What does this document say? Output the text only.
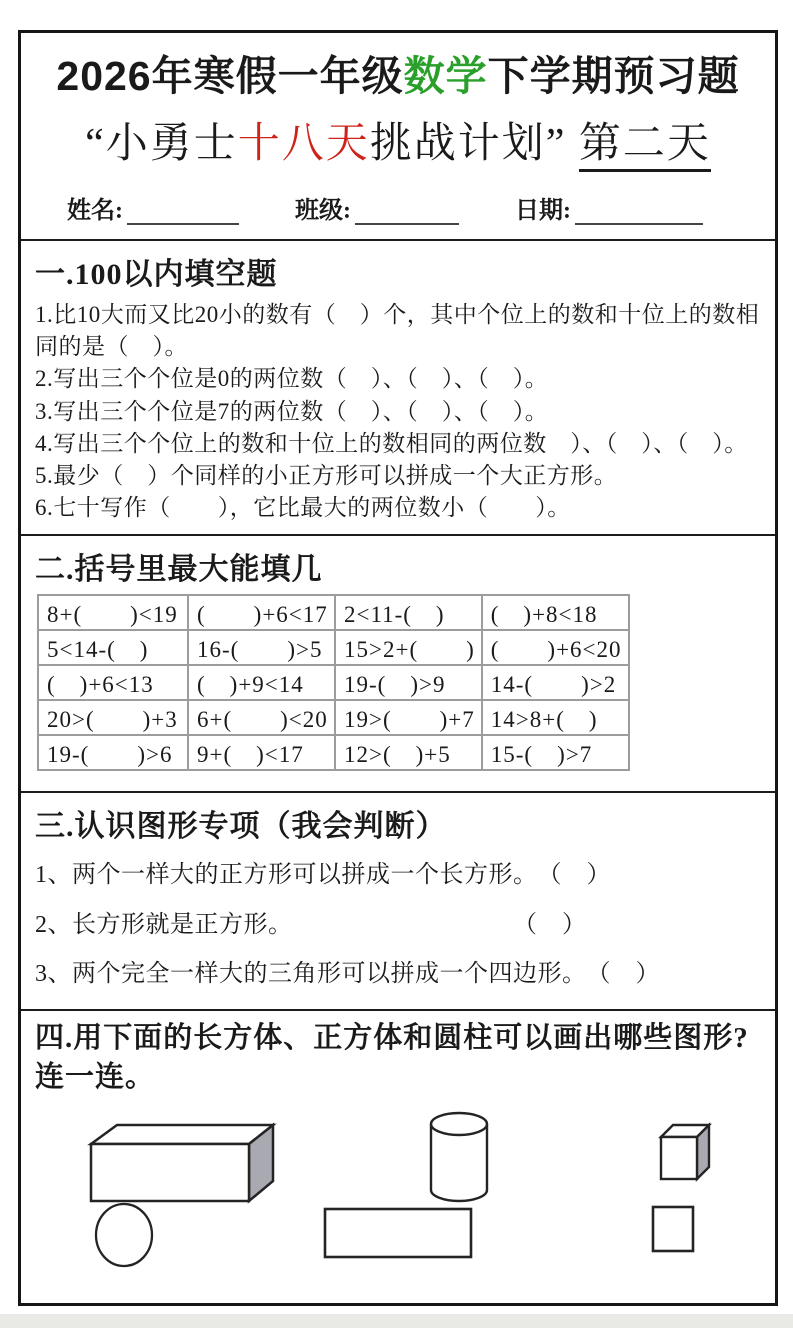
2026年寒假一年级数学下学期预习题
“小勇士十八天挑战计划” 第二天
姓名:	班级:	日期:
一.100以内填空题
1.比10大而又比20小的数有（　）个，其中个位上的数和十位上的数相同的是（　）。
2.写出三个个位是0的两位数（　）、（　）、（　）。
3.写出三个个位是7的两位数（　）、（　）、（　）。
4.写出三个个位上的数和十位上的数相同的两位数　）、（　）、（　）。
5.最少（　）个同样的小正方形可以拼成一个大正方形。
6.七十写作（　　），它比最大的两位数小（　　）。
二.括号里最大能填几
8+(　　)<19	(　　)+6<17	2<11-(　)	(　)+8<18
5<14-(　)	16-(　　)>5	15>2+(　　)	(　　)+6<20
(　)+6<13	(　)+9<14	19-(　)>9	14-(　　)>2
20>(　　)+3	6+(　　)<20	19>(　　)+7	14>8+(　)
19-(　　)>6	9+(　)<17	12>(　)+5	15-(　)>7
三.认识图形专项（我会判断）
1、两个一样大的正方形可以拼成一个长方形。 （　）
2、长方形就是正方形。	（　）
3、两个完全一样大的三角形可以拼成一个四边形。 （　）
四.用下面的长方体、正方体和圆柱可以画出哪些图形?
连一连。
